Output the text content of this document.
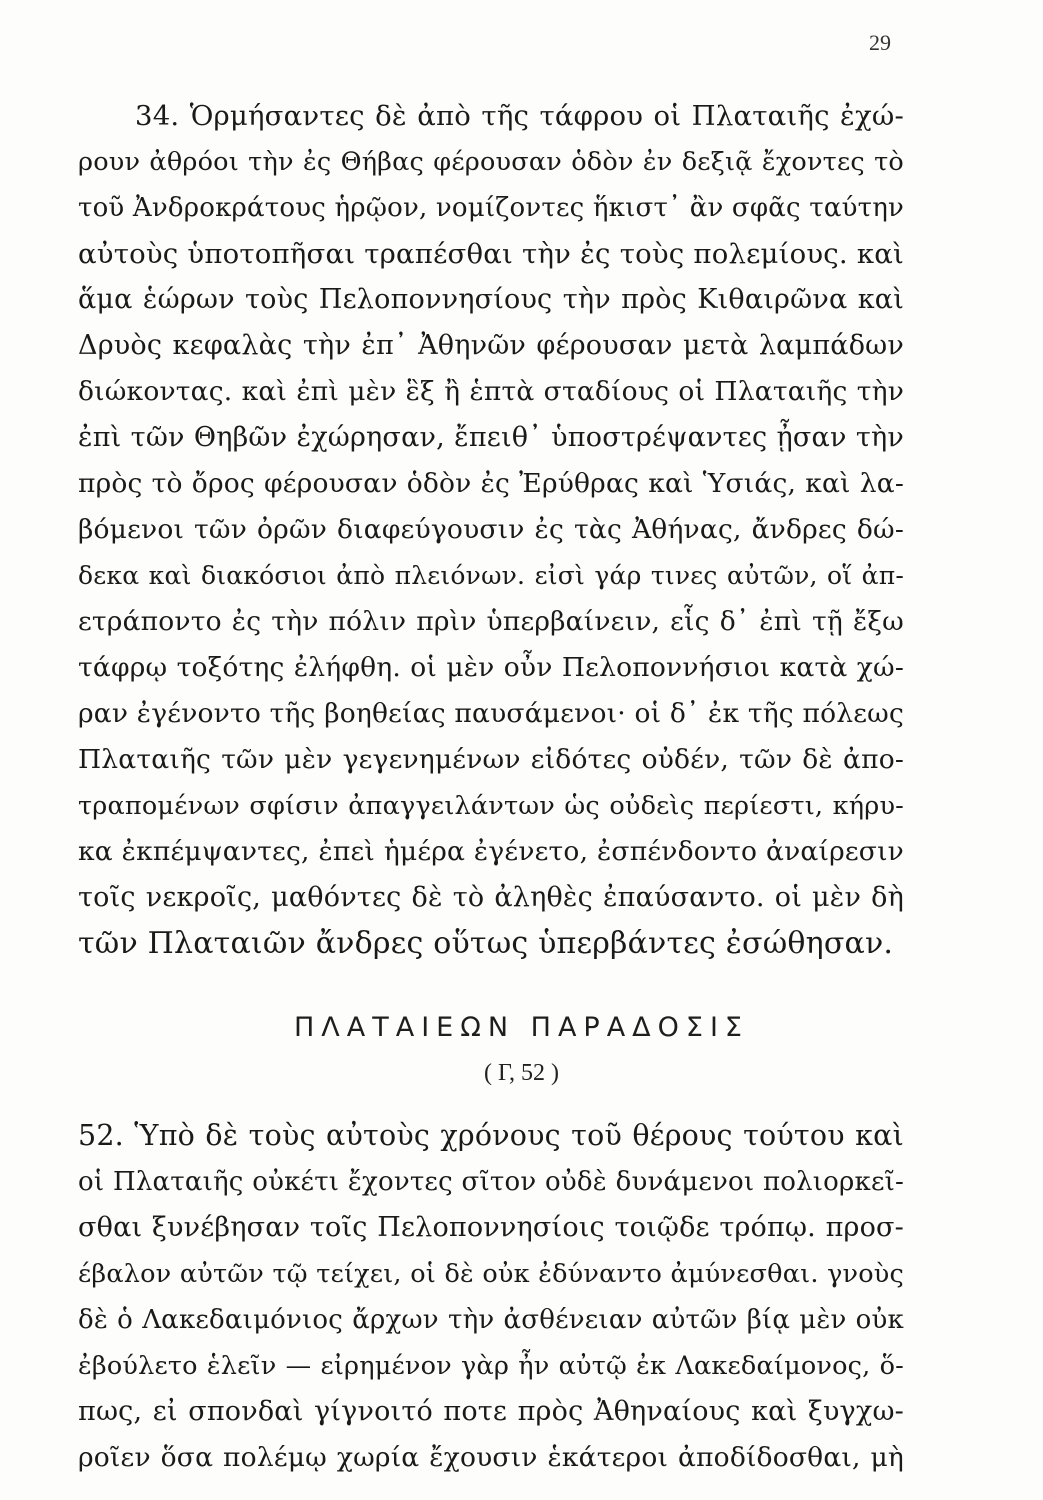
29
34. Ὁρμήσαντες δὲ ἀπὸ τῆς τάφρου οἱ Πλαταιῆς ἐχώ-
ρουν ἀθρόοι τὴν ἐς Θήβας φέρουσαν ὁδὸν ἐν δεξιᾷ ἔχοντες τὸ
τοῦ Ἀνδροκράτους ἡρῷον, νομίζοντες ἥκιστ᾽ ἂν σφᾶς ταύτην
αὐτοὺς ὑποτοπῆσαι τραπέσθαι τὴν ἐς τοὺς πολεμίους. καὶ
ἅμα ἑώρων τοὺς Πελοποννησίους τὴν πρὸς Κιθαιρῶνα καὶ
Δρυὸς κεφαλὰς τὴν ἐπ᾽ Ἀθηνῶν φέρουσαν μετὰ λαμπάδων
διώκοντας. καὶ ἐπὶ μὲν ἓξ ἢ ἑπτὰ σταδίους οἱ Πλαταιῆς τὴν
ἐπὶ τῶν Θηβῶν ἐχώρησαν, ἔπειθ᾽ ὑποστρέψαντες ᾖσαν τὴν
πρὸς τὸ ὄρος φέρουσαν ὁδὸν ἐς Ἐρύθρας καὶ Ὑσιάς, καὶ λα-
βόμενοι τῶν ὀρῶν διαφεύγουσιν ἐς τὰς Ἀθήνας, ἄνδρες δώ-
δεκα καὶ διακόσιοι ἀπὸ πλειόνων. εἰσὶ γάρ τινες αὐτῶν, οἵ ἀπ-
ετράποντο ἐς τὴν πόλιν πρὶν ὑπερβαίνειν, εἷς δ᾽ ἐπὶ τῇ ἔξω
τάφρῳ τοξότης ἐλήφθη. οἱ μὲν οὖν Πελοποννήσιοι κατὰ χώ-
ραν ἐγένοντο τῆς βοηθείας παυσάμενοι· οἱ δ᾽ ἐκ τῆς πόλεως
Πλαταιῆς τῶν μὲν γεγενημένων εἰδότες οὐδέν, τῶν δὲ ἀπο-
τραπομένων σφίσιν ἀπαγγειλάντων ὡς οὐδεὶς περίεστι, κήρυ-
κα ἐκπέμψαντες, ἐπεὶ ἡμέρα ἐγένετο, ἐσπένδοντο ἀναίρεσιν
τοῖς νεκροῖς, μαθόντες δὲ τὸ ἀληθὲς ἐπαύσαντο. οἱ μὲν δὴ
τῶν Πλαταιῶν ἄνδρες οὕτως ὑπερβάντες ἐσώθησαν.
ΠΛΑΤΑΙΕΩΝ ΠΑΡΑΔΟΣΙΣ
( Γ, 52 )
52. Ὑπὸ δὲ τοὺς αὐτοὺς χρόνους τοῦ θέρους τούτου καὶ
οἱ Πλαταιῆς οὐκέτι ἔχοντες σῖτον οὐδὲ δυνάμενοι πολιορκεῖ-
σθαι ξυνέβησαν τοῖς Πελοποννησίοις τοιῷδε τρόπῳ. προσ-
έβαλον αὐτῶν τῷ τείχει, οἱ δὲ οὐκ ἐδύναντο ἀμύνεσθαι. γνοὺς
δὲ ὁ Λακεδαιμόνιος ἄρχων τὴν ἀσθένειαν αὐτῶν βίᾳ μὲν οὐκ
ἐβούλετο ἑλεῖν — εἰρημένον γὰρ ἦν αὐτῷ ἐκ Λακεδαίμονος, ὅ-
πως, εἰ σπονδαὶ γίγνοιτό ποτε πρὸς Ἀθηναίους καὶ ξυγχω-
ροῖεν ὅσα πολέμῳ χωρία ἔχουσιν ἑκάτεροι ἀποδίδοσθαι, μὴ
